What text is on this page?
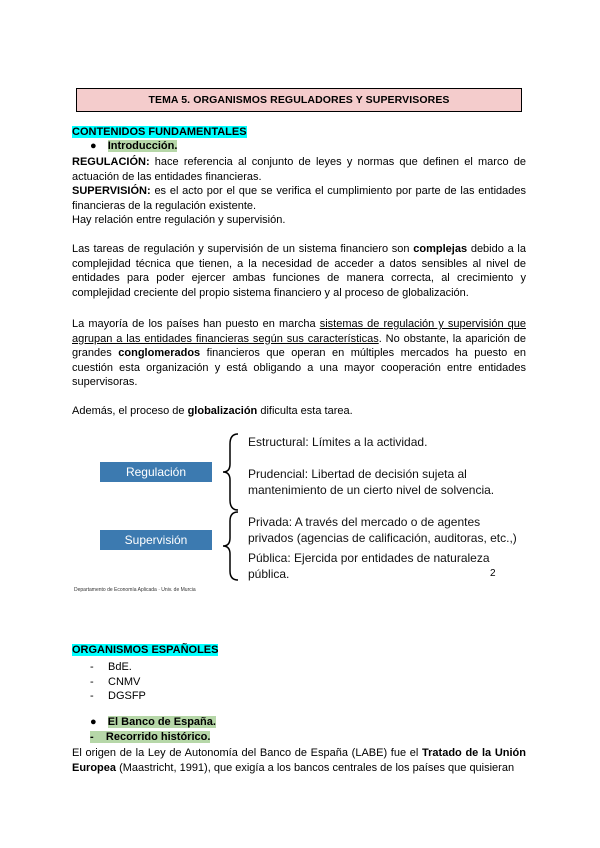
TEMA 5. ORGANISMOS REGULADORES Y SUPERVISORES
CONTENIDOS FUNDAMENTALES
● Introducción.

REGULACIÓN: hace referencia al conjunto de leyes y normas que definen el marco de actuación de las entidades financieras.

SUPERVISIÓN: es el acto por el que se verifica el cumplimiento por parte de las entidades financieras de la regulación existente.

Hay relación entre regulación y supervisión.

Las tareas de regulación y supervisión de un sistema financiero son complejas debido a la complejidad técnica que tienen, a la necesidad de acceder a datos sensibles al nivel de entidades para poder ejercer ambas funciones de manera correcta, al crecimiento y complejidad creciente del propio sistema financiero y al proceso de globalización.

La mayoría de los países han puesto en marcha sistemas de regulación y supervisión que agrupan a las entidades financieras según sus características. No obstante, la aparición de grandes conglomerados financieros que operan en múltiples mercados ha puesto en cuestión esta organización y está obligando a una mayor cooperación entre entidades supervisoras.

Además, el proceso de globalización dificulta esta tarea.

Regulación
Supervisión
Estructural: Límites a la actividad.
Prudencial: Libertad de decisión sujeta al
mantenimiento de un cierto nivel de solvencia.
Privada: A través del mercado o de agentes
privados (agencias de calificación, auditoras, etc.,)
Pública: Ejercida por entidades de naturaleza
pública.	2
Departamento de Economía Aplicada · Univ. de Murcia
ORGANISMOS ESPAÑOLES
- BdE.
- CNMV
- DGSFP
● El Banco de España.
-    Recorrido histórico.

El origen de la Ley de Autonomía del Banco de España (LABE) fue el Tratado de la Unión Europea (Maastricht, 1991), que exigía a los bancos centrales de los países que quisieran
